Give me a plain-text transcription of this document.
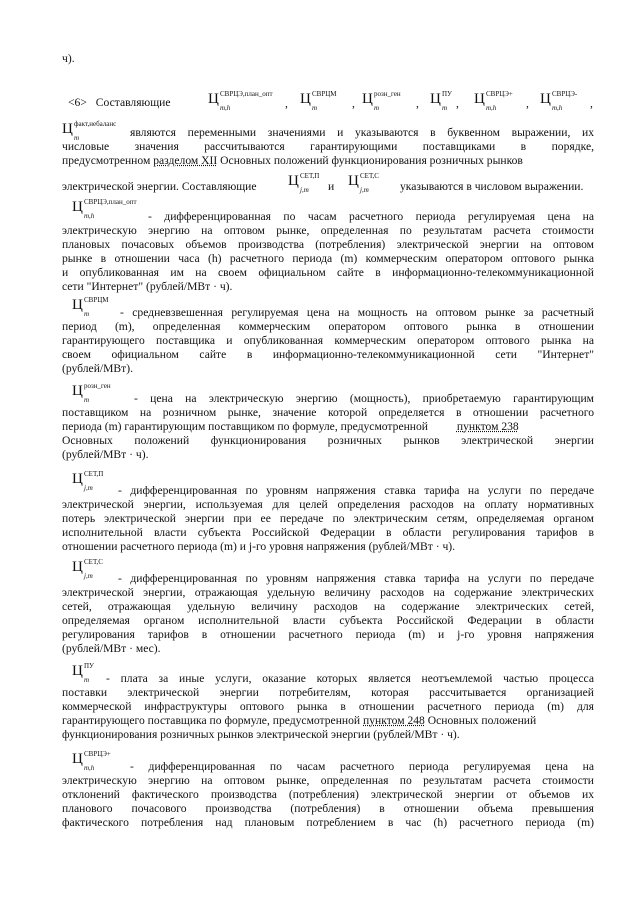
ч).
<6> Составляющие	Ц СВРЦЭ,план_опт
m,h	, Ц СВРЦМ
m	, Ц розн_ген
m	, Ц ПУ
m , Ц СВРЦЭ+
m,h	, Ц СВРЦЭ-
m,h ,
Ц факт,небаланс
m	являются переменными значениями и указываются в буквенном выражении, их
числовые значения рассчитываются гарантирующими поставщиками в порядке,
предусмотренном разделом XII Основных положений функционирования розничных рынков
электрической энергии. Составляющие	Ц СЕТ,П
j,m и Ц СЕТ,С
j,m	указываются в числовом выражении.
Ц СВРЦЭ,план_опт
m,h	- дифференцированная по часам расчетного периода регулируемая цена на
электрическую энергию на оптовом рынке, определенная по результатам расчета стоимости
плановых почасовых объемов производства (потребления) электрической энергии на оптовом
рынке в отношении часа (h) расчетного периода (m) коммерческим оператором оптового рынка
и опубликованная им на своем официальном сайте в информационно-телекоммуникационной
сети "Интернет" (рублей/МВт · ч).
Ц СВРЦМ
m	- средневзвешенная регулируемая цена на мощность на оптовом рынке за расчетный
период (m), определенная коммерческим оператором оптового рынка в отношении
гарантирующего поставщика и опубликованная коммерческим оператором оптового рынка на
своем официальном сайте в информационно-телекоммуникационной сети "Интернет"
(рублей/МВт).
Ц розн_ген
m	- цена на электрическую энергию (мощность), приобретаемую гарантирующим
поставщиком на розничном рынке, значение которой определяется в отношении расчетного
периода (m) гарантирующим поставщиком по формуле, предусмотренной пунктом 238
Основных положений функционирования розничных рынков электрической энергии
(рублей/МВт · ч).
Ц СЕТ,П
j,m - дифференцированная по уровням напряжения ставка тарифа на услуги по передаче
электрической энергии, используемая для целей определения расходов на оплату нормативных
потерь электрической энергии при ее передаче по электрическим сетям, определяемая органом
исполнительной власти субъекта Российской Федерации в области регулирования тарифов в
отношении расчетного периода (m) и j-го уровня напряжения (рублей/МВт · ч).
Ц СЕТ,С
j,m - дифференцированная по уровням напряжения ставка тарифа на услуги по передаче
электрической энергии, отражающая удельную величину расходов на содержание электрических
сетей, отражающая удельную величину расходов на содержание электрических сетей,
определяемая органом исполнительной власти субъекта Российской Федерации в области
регулирования тарифов в отношении расчетного периода (m) и j-го уровня напряжения
(рублей/МВт · мес).
Ц ПУ
m - плата за иные услуги, оказание которых является неотъемлемой частью процесса
поставки электрической энергии потребителям, которая рассчитывается организацией
коммерческой инфраструктуры оптового рынка в отношении расчетного периода (m) для
гарантирующего поставщика по формуле, предусмотренной пунктом 248 Основных положений
функционирования розничных рынков электрической энергии (рублей/МВт · ч).
Ц СВРЦЭ+
m,h	- дифференцированная по часам расчетного периода регулируемая цена на
электрическую энергию на оптовом рынке, определенная по результатам расчета стоимости
отклонений фактического производства (потребления) электрической энергии от объемов их
планового почасового производства (потребления) в отношении объема превышения
фактического потребления над плановым потреблением в час (h) расчетного периода (m)
